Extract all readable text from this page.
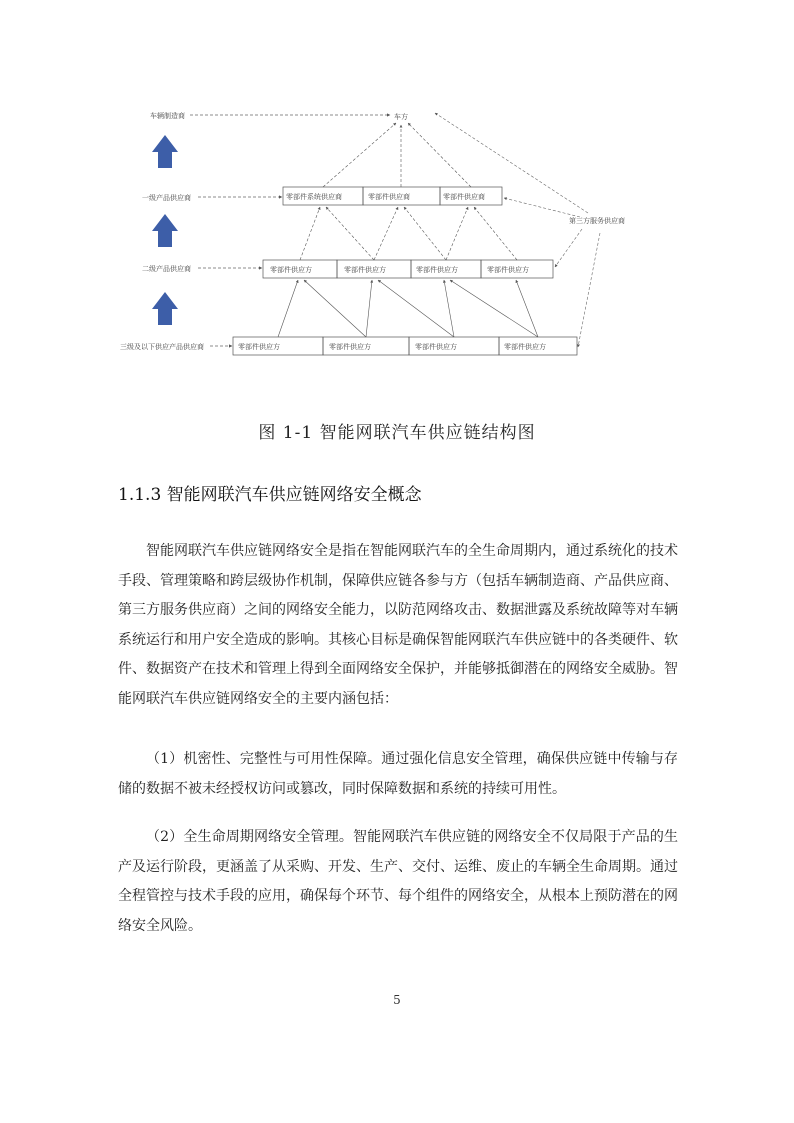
车辆制造商
一级产品供应商
二级产品供应商
三级及以下供应产品供应商
车方
零部件系统供应商	零部件供应商	零部件供应商
零部件供应方	零部件供应方	零部件供应方	零部件供应方
零部件供应方	零部件供应方	零部件供应方	零部件供应方
第三方服务供应商
图 1-1 智能网联汽车供应链结构图
1.1.3 智能网联汽车供应链网络安全概念

智能网联汽车供应链网络安全是指在智能网联汽车的全生命周期内，通过系统化的技术手段、管理策略和跨层级协作机制，保障供应链各参与方（包括车辆制造商、产品供应商、第三方服务供应商）之间的网络安全能力，以防范网络攻击、数据泄露及系统故障等对车辆系统运行和用户安全造成的影响。其核心目标是确保智能网联汽车供应链中的各类硬件、软件、数据资产在技术和管理上得到全面网络安全保护，并能够抵御潜在的网络安全威胁。智能网联汽车供应链网络安全的主要内涵包括：

（1）机密性、完整性与可用性保障。通过强化信息安全管理，确保供应链中传输与存储的数据不被未经授权访问或篡改，同时保障数据和系统的持续可用性。

（2）全生命周期网络安全管理。智能网联汽车供应链的网络安全不仅局限于产品的生产及运行阶段，更涵盖了从采购、开发、生产、交付、运维、废止的车辆全生命周期。通过全程管控与技术手段的应用，确保每个环节、每个组件的网络安全，从根本上预防潜在的网络安全风险。

5
